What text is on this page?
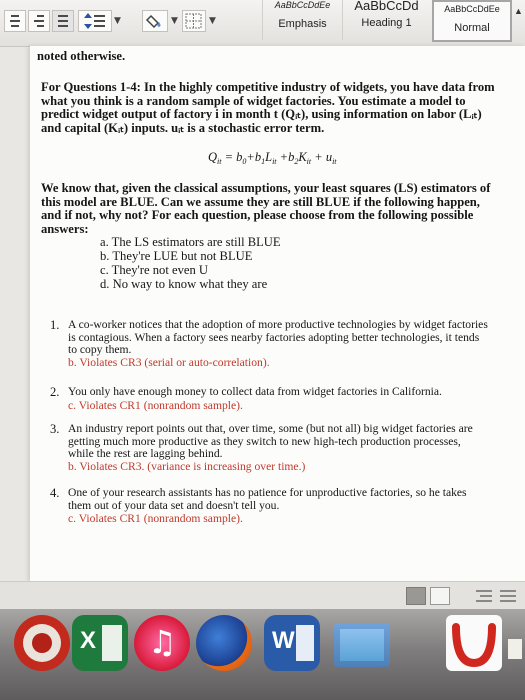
▼	▼	▼
AaBbCcDdEe
Emphasis
AaBbCcDd
Heading 1
AaBbCcDdEe
Normal
▲

noted otherwise.

For Questions 1-4: In the highly competitive industry of widgets, you have data from what you think is a random sample of widget factories. You estimate a model to predict widget output of factory i in month t (Qᵢₜ), using information on labor (Lᵢₜ) and capital (Kᵢₜ) inputs. uᵢₜ is a stochastic error term.

$Q_{it} = b_0+b_1L_{it} +b_2K_{it} + u_{it}$

We know that, given the classical assumptions, your least squares (LS) estimators of this model are BLUE. Can we assume they are still BLUE if the following happen, and if not, why not? For each question, please choose from the following possible answers:

a. The LS estimators are still BLUE

b. They're LUE but not BLUE

c. They're not even U

d. No way to know what they are

1. A co-worker notices that the adoption of more productive technologies by widget factories is contagious. When a factory sees nearby factories adopting better technologies, it tends to copy them.

b. Violates CR3 (serial or auto-correlation).

2. You only have enough money to collect data from widget factories in California.

c. Violates CR1 (nonrandom sample).

3. An industry report points out that, over time, some (but not all) big widget factories are getting much more productive as they switch to new high-tech production processes, while the rest are lagging behind.

b. Violates CR3. (variance is increasing over time.)

4. One of your research assistants has no patience for unproductive factories, so he takes them out of your data set and doesn't tell you.

c. Violates CR1 (nonrandom sample).

X ♫	W
